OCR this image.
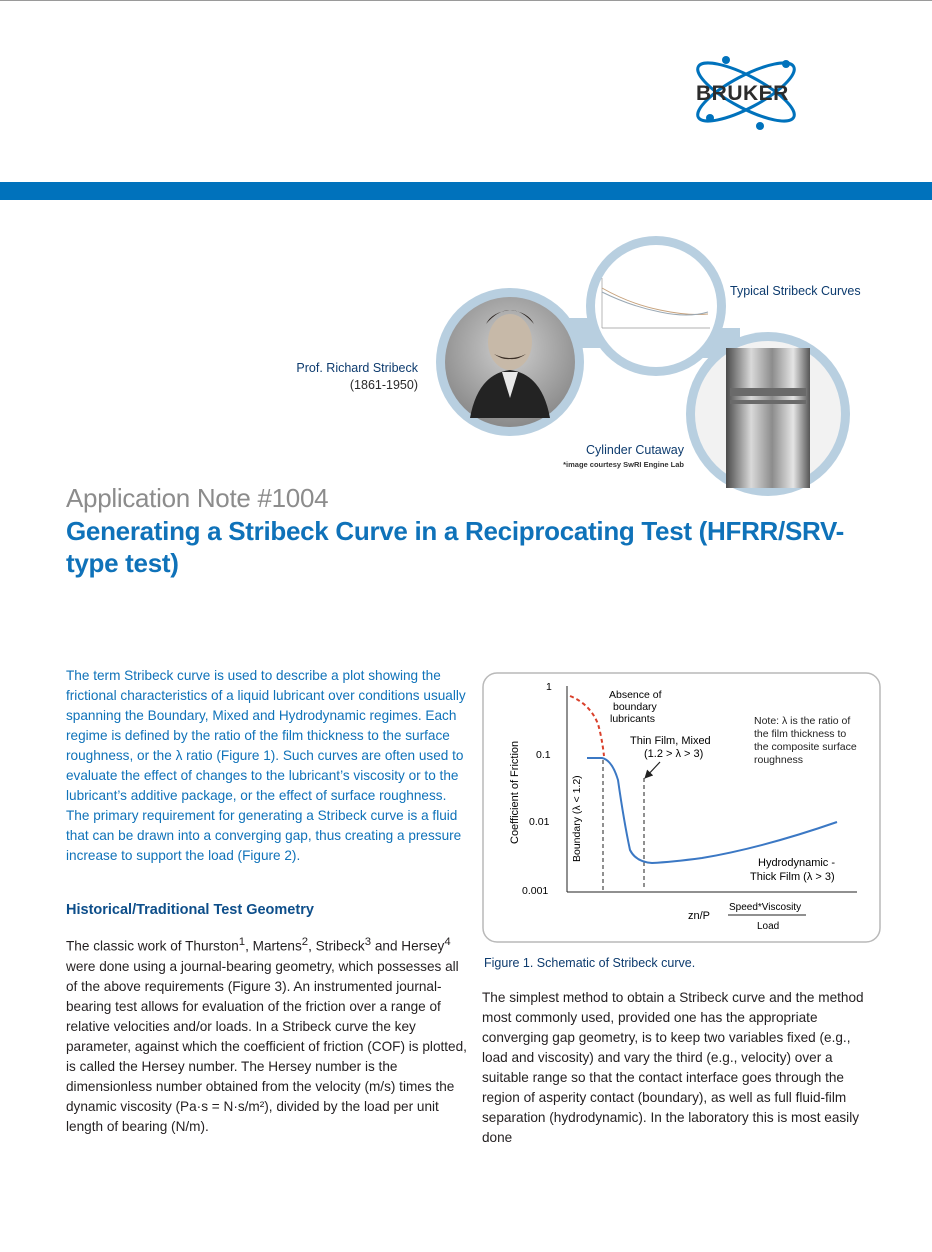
BRUKER
Prof. Richard Stribeck
(1861-1950)
Typical Stribeck Curves
Cylinder Cutaway
*image courtesy SwRI Engine Lab
Application Note #1004
Generating a Stribeck Curve in a Reciprocating Test (HFRR/SRV-type test)
The term Stribeck curve is used to describe a plot showing the frictional characteristics of a liquid lubricant over conditions usually spanning the Boundary, Mixed and Hydrodynamic regimes. Each regime is defined by the ratio of the film thickness to the surface roughness, or the λ ratio (Figure 1). Such curves are often used to evaluate the effect of changes to the lubricant’s viscosity or to the lubricant’s additive package, or the effect of surface roughness. The primary requirement for generating a Stribeck curve is a fluid that can be drawn into a converging gap, thus creating a pressure increase to support the load (Figure 2).
Historical/Traditional Test Geometry
The classic work of Thurston$^1$, Martens$^2$, Stribeck$^3$ and Hersey$^4$ were done using a journal-bearing geometry, which possesses all of the above requirements (Figure 3). An instrumented journal-bearing test allows for evaluation of the friction over a range of relative velocities and/or loads. In a Stribeck curve the key parameter, against which the coefficient of friction (COF) is plotted, is called the Hersey number. The Hersey number is the dimensionless number obtained from the velocity (m/s) times the dynamic viscosity (Pa·s = N·s/m²), divided by the load per unit length of bearing (N/m).
1
0.1
0.01
0.001
Coefficient of Friction	Boundary (λ < 1.2)
Absence of boundary lubricants
Thin Film, Mixed (1.2 > λ > 3)
Note: λ is the ratio of the film thickness to the composite surface roughness
Hydrodynamic -Thick Film (λ > 3)
zn/P
Speed*Viscosity
Load
Figure 1. Schematic of Stribeck curve.
The simplest method to obtain a Stribeck curve and the method most commonly used, provided one has the appropriate converging gap geometry, is to keep two variables fixed (e.g., load and viscosity) and vary the third (e.g., velocity) over a suitable range so that the contact interface goes through the region of asperity contact (boundary), as well as full fluid-film separation (hydrodynamic). In the laboratory this is most easily done
